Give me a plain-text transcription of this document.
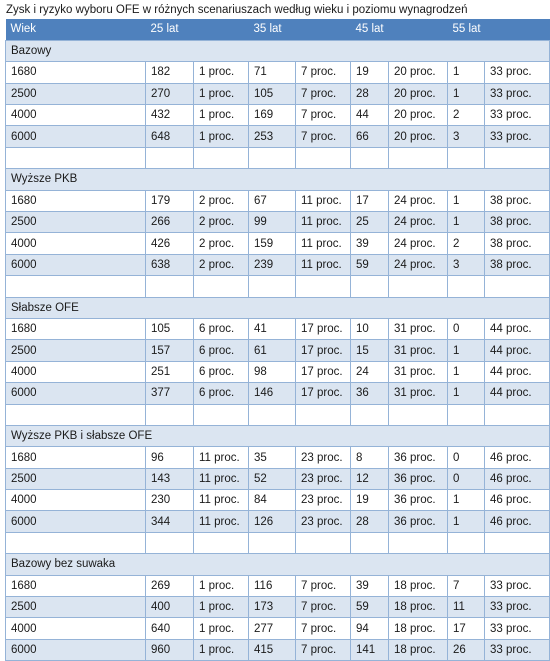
Zysk i ryzyko wyboru OFE w różnych scenariuszach według wieku i poziomu wynagrodzeń
Wiek	25 lat		35 lat		45 lat		55 lat	
Bazowy								
1680	182	1 proc.	71	7 proc.	19	20 proc.	1	33 proc.
2500	270	1 proc.	105	7 proc.	28	20 proc.	1	33 proc.
4000	432	1 proc.	169	7 proc.	44	20 proc.	2	33 proc.
6000	648	1 proc.	253	7 proc.	66	20 proc.	3	33 proc.

Wyższe PKB								
1680	179	2 proc.	67	11 proc.	17	24 proc.	1	38 proc.
2500	266	2 proc.	99	11 proc.	25	24 proc.	1	38 proc.
4000	426	2 proc.	159	11 proc.	39	24 proc.	2	38 proc.
6000	638	2 proc.	239	11 proc.	59	24 proc.	3	38 proc.

Słabsze OFE								
1680	105	6 proc.	41	17 proc.	10	31 proc.	0	44 proc.
2500	157	6 proc.	61	17 proc.	15	31 proc.	1	44 proc.
4000	251	6 proc.	98	17 proc.	24	31 proc.	1	44 proc.
6000	377	6 proc.	146	17 proc.	36	31 proc.	1	44 proc.

Wyższe PKB i słabsze OFE								
1680	96	11 proc.	35	23 proc.	8	36 proc.	0	46 proc.
2500	143	11 proc.	52	23 proc.	12	36 proc.	0	46 proc.
4000	230	11 proc.	84	23 proc.	19	36 proc.	1	46 proc.
6000	344	11 proc.	126	23 proc.	28	36 proc.	1	46 proc.

Bazowy bez suwaka								
1680	269	1 proc.	116	7 proc.	39	18 proc.	7	33 proc.
2500	400	1 proc.	173	7 proc.	59	18 proc.	11	33 proc.
4000	640	1 proc.	277	7 proc.	94	18 proc.	17	33 proc.
6000	960	1 proc.	415	7 proc.	141	18 proc.	26	33 proc.
